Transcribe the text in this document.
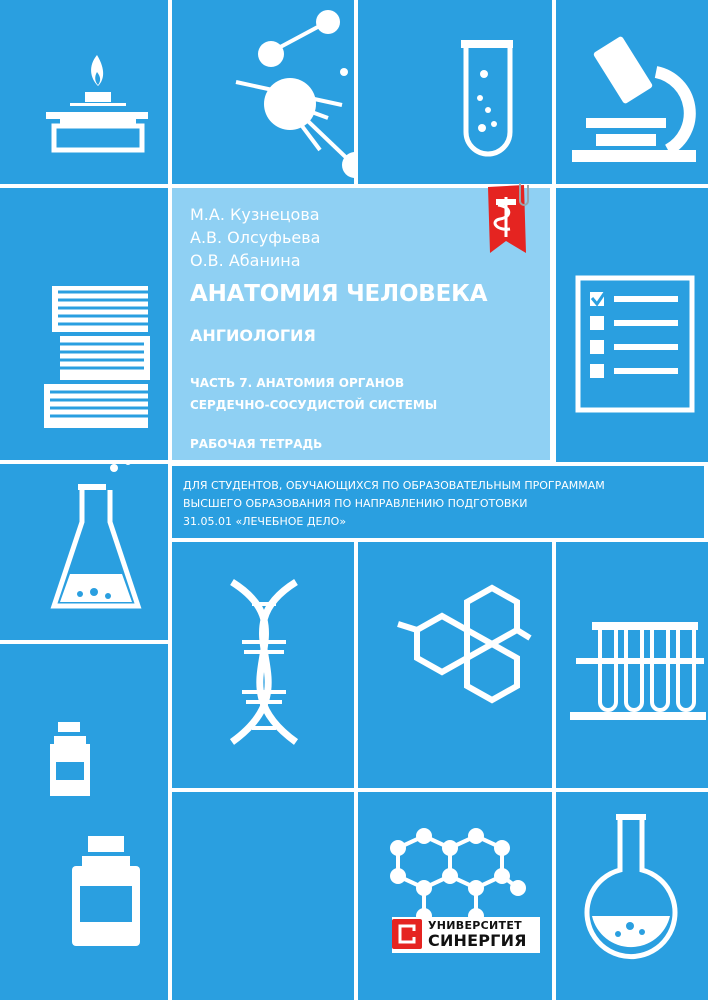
М.А. Кузнецова
А.В. Олсуфьева
О.В. Абанина
АНАТОМИЯ ЧЕЛОВЕКА
АНГИОЛОГИЯ
ЧАСТЬ 7. АНАТОМИЯ ОРГАНОВ
СЕРДЕЧНО-СОСУДИСТОЙ СИСТЕМЫ
РАБОЧАЯ ТЕТРАДЬ
ДЛЯ СТУДЕНТОВ, ОБУЧАЮЩИХСЯ ПО ОБРАЗОВАТЕЛЬНЫМ ПРОГРАММАМ
ВЫСШЕГО ОБРАЗОВАНИЯ ПО НАПРАВЛЕНИЮ ПОДГОТОВКИ
31.05.01 «ЛЕЧЕБНОЕ ДЕЛО»
УНИВЕРСИТЕТ
СИНЕРГИЯ
